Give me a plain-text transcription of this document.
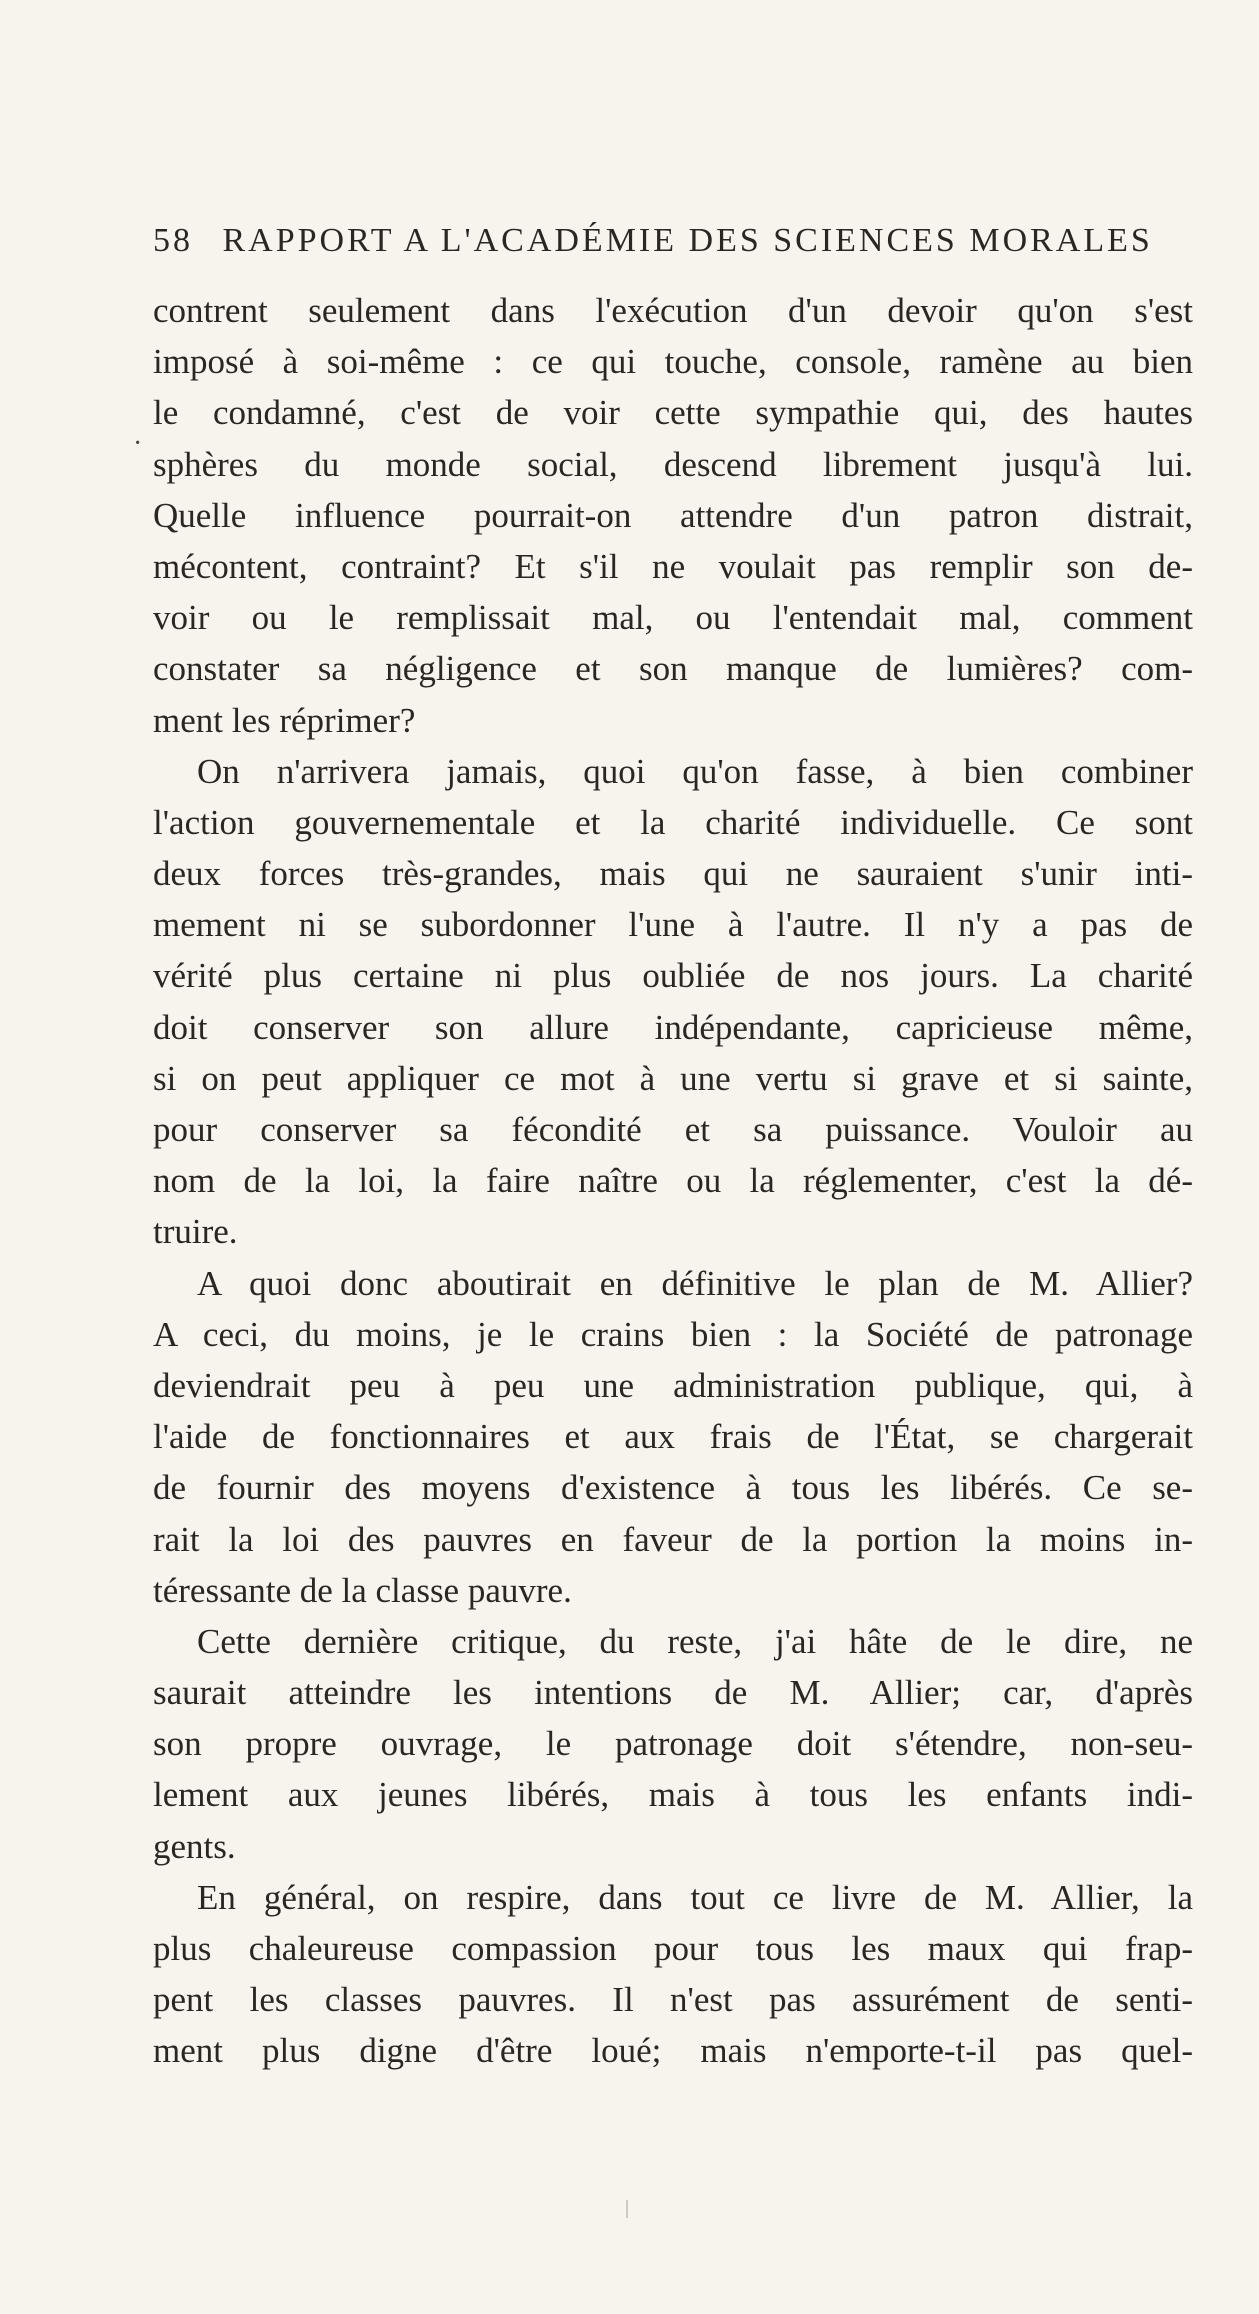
58 RAPPORT A L'ACADÉMIE DES SCIENCES MORALES
·
contrent seulement dans l'exécution d'un devoir qu'on s'est
imposé à soi-même : ce qui touche, console, ramène au bien
le condamné, c'est de voir cette sympathie qui, des hautes
sphères du monde social, descend librement jusqu'à lui.
Quelle influence pourrait-on attendre d'un patron distrait,
mécontent, contraint? Et s'il ne voulait pas remplir son de-
voir ou le remplissait mal, ou l'entendait mal, comment
constater sa négligence et son manque de lumières? com-
ment les réprimer?
On n'arrivera jamais, quoi qu'on fasse, à bien combiner
l'action gouvernementale et la charité individuelle. Ce sont
deux forces très-grandes, mais qui ne sauraient s'unir inti-
mement ni se subordonner l'une à l'autre. Il n'y a pas de
vérité plus certaine ni plus oubliée de nos jours. La charité
doit conserver son allure indépendante, capricieuse même,
si on peut appliquer ce mot à une vertu si grave et si sainte,
pour conserver sa fécondité et sa puissance. Vouloir au
nom de la loi, la faire naître ou la réglementer, c'est la dé-
truire.
A quoi donc aboutirait en définitive le plan de M. Allier?
A ceci, du moins, je le crains bien : la Société de patronage
deviendrait peu à peu une administration publique, qui, à
l'aide de fonctionnaires et aux frais de l'État, se chargerait
de fournir des moyens d'existence à tous les libérés. Ce se-
rait la loi des pauvres en faveur de la portion la moins in-
téressante de la classe pauvre.
Cette dernière critique, du reste, j'ai hâte de le dire, ne
saurait atteindre les intentions de M. Allier; car, d'après
son propre ouvrage, le patronage doit s'étendre, non-seu-
lement aux jeunes libérés, mais à tous les enfants indi-
gents.
En général, on respire, dans tout ce livre de M. Allier, la
plus chaleureuse compassion pour tous les maux qui frap-
pent les classes pauvres. Il n'est pas assurément de senti-
ment plus digne d'être loué; mais n'emporte-t-il pas quel-
